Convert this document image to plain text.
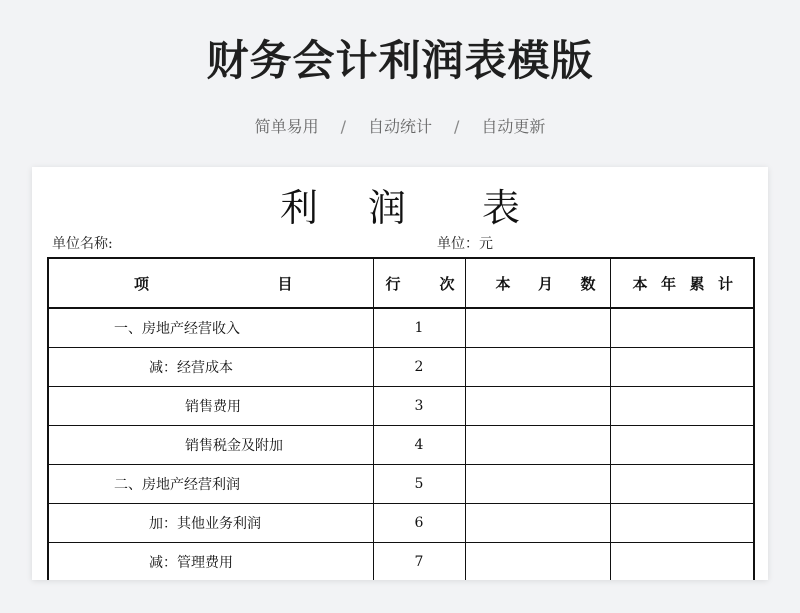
财务会计利润表模版
简单易用 / 自动统计 / 自动更新
利 润 表
单位名称:	单位：元
项 目	行 次	本 月 数	本 年 累 计

一、房地产经营收入	1		
减：经营成本	2		
销售费用	3		
销售税金及附加	4		
二、房地产经营利润	5		
加：其他业务利润	6		
减：管理费用	7		
